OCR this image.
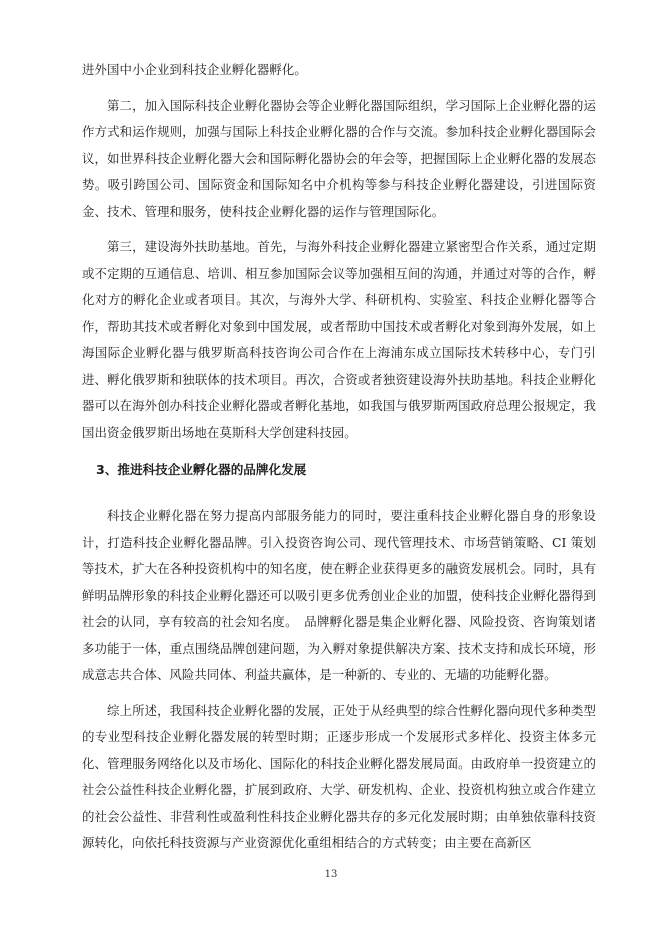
进外国中小企业到科技企业孵化器孵化。

第二，加入国际科技企业孵化器协会等企业孵化器国际组织，学习国际上企业孵化器的运作方式和运作规则，加强与国际上科技企业孵化器的合作与交流。参加科技企业孵化器国际会议，如世界科技企业孵化器大会和国际孵化器协会的年会等，把握国际上企业孵化器的发展态势。吸引跨国公司、国际资金和国际知名中介机构等参与科技企业孵化器建设，引进国际资金、技术、管理和服务，使科技企业孵化器的运作与管理国际化。

第三，建设海外扶助基地。首先，与海外科技企业孵化器建立紧密型合作关系，通过定期或不定期的互通信息、培训、相互参加国际会议等加强相互间的沟通，并通过对等的合作，孵化对方的孵化企业或者项目。其次，与海外大学、科研机构、实验室、科技企业孵化器等合作，帮助其技术或者孵化对象到中国发展，或者帮助中国技术或者孵化对象到海外发展，如上海国际企业孵化器与俄罗斯高科技咨询公司合作在上海浦东成立国际技术转移中心，专门引进、孵化俄罗斯和独联体的技术项目。再次，合资或者独资建设海外扶助基地。科技企业孵化器可以在海外创办科技企业孵化器或者孵化基地，如我国与俄罗斯两国政府总理公报规定，我国出资金俄罗斯出场地在莫斯科大学创建科技园。

3、推进科技企业孵化器的品牌化发展

科技企业孵化器在努力提高内部服务能力的同时，要注重科技企业孵化器自身的形象设计，打造科技企业孵化器品牌。引入投资咨询公司、现代管理技术、市场营销策略、CI 策划等技术，扩大在各种投资机构中的知名度，使在孵企业获得更多的融资发展机会。同时，具有鲜明品牌形象的科技企业孵化器还可以吸引更多优秀创业企业的加盟，使科技企业孵化器得到社会的认同，享有较高的社会知名度。　品牌孵化器是集企业孵化器、风险投资、咨询策划诸多功能于一体，重点围绕品牌创建问题，为入孵对象提供解决方案、技术支持和成长环境，形成意志共合体、风险共同体、利益共赢体，是一种新的、专业的、无墙的功能孵化器。

综上所述，我国科技企业孵化器的发展，正处于从经典型的综合性孵化器向现代多种类型的专业型科技企业孵化器发展的转型时期；正逐步形成一个发展形式多样化、投资主体多元化、管理服务网络化以及市场化、国际化的科技企业孵化器发展局面。由政府单一投资建立的社会公益性科技企业孵化器，扩展到政府、大学、研发机构、企业、投资机构独立或合作建立的社会公益性、非营利性或盈利性科技企业孵化器共存的多元化发展时期；由单独依靠科技资源转化，向依托科技资源与产业资源优化重组相结合的方式转变；由主要在高新区

13
